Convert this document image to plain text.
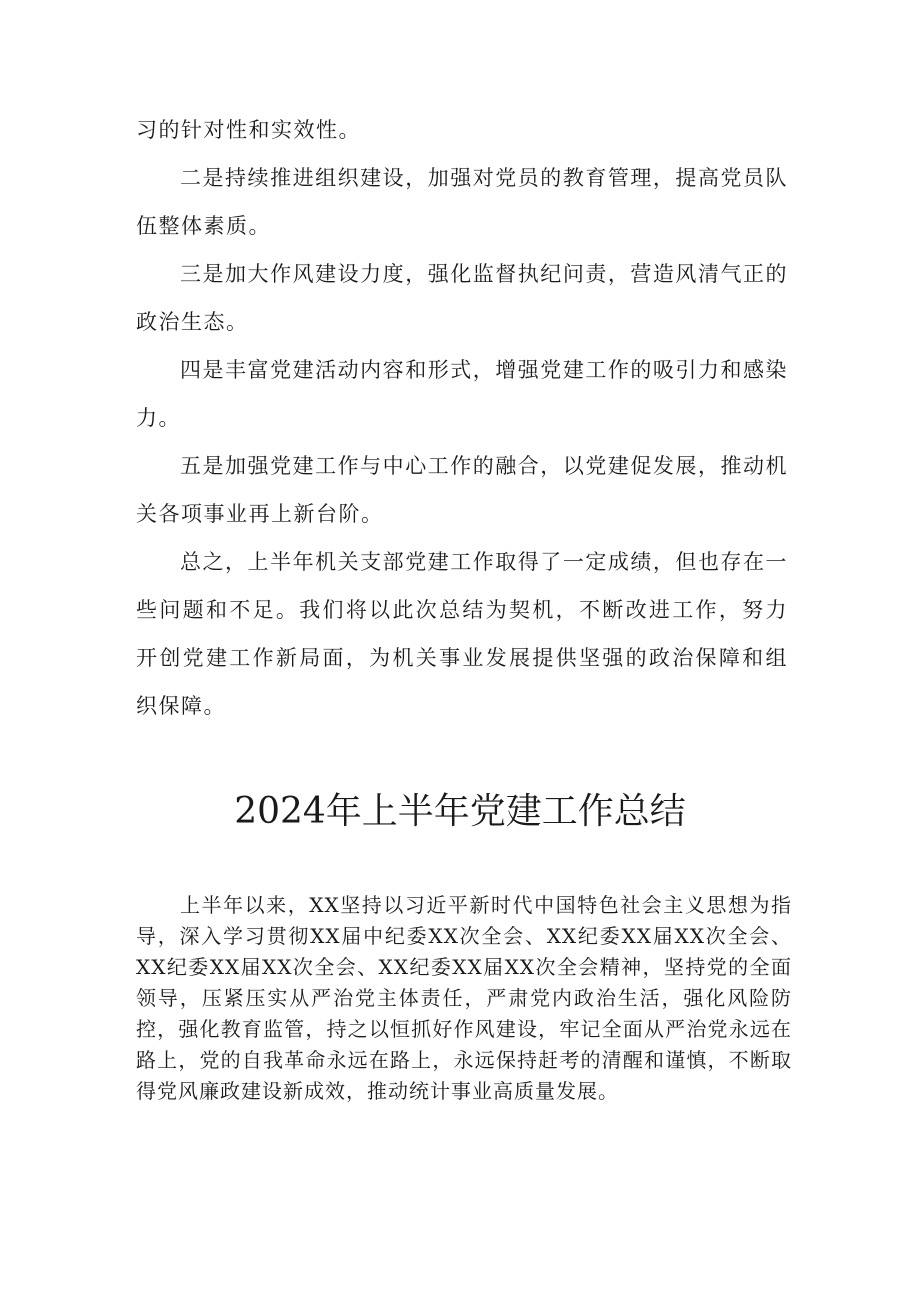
习的针对性和实效性。

二是持续推进组织建设，加强对党员的教育管理，提高党员队伍整体素质。

三是加大作风建设力度，强化监督执纪问责，营造风清气正的政治生态。

四是丰富党建活动内容和形式，增强党建工作的吸引力和感染力。

五是加强党建工作与中心工作的融合，以党建促发展，推动机关各项事业再上新台阶。

总之，上半年机关支部党建工作取得了一定成绩，但也存在一些问题和不足。我们将以此次总结为契机，不断改进工作，努力开创党建工作新局面，为机关事业发展提供坚强的政治保障和组织保障。

2024年上半年党建工作总结

上半年以来，XX坚持以习近平新时代中国特色社会主义思想为指导，深入学习贯彻XX届中纪委XX次全会、XX纪委XX届XX次全会、XX纪委XX届XX次全会、XX纪委XX届XX次全会精神，坚持党的全面领导，压紧压实从严治党主体责任，严肃党内政治生活，强化风险防控，强化教育监管，持之以恒抓好作风建设，牢记全面从严治党永远在路上，党的自我革命永远在路上，永远保持赶考的清醒和谨慎，不断取得党风廉政建设新成效，推动统计事业高质量发展。
